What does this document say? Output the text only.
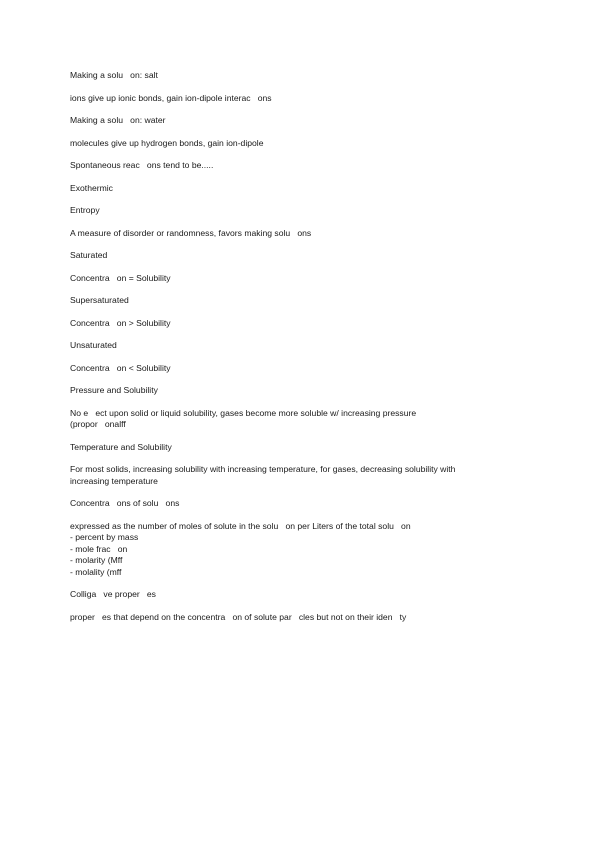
Making a solu   on: salt

ions give up ionic bonds, gain ion-dipole interac   ons

Making a solu   on: water

molecules give up hydrogen bonds, gain ion-dipole

Spontaneous reac   ons tend to be.....

Exothermic

Entropy

A measure of disorder or randomness, favors making solu   ons

Saturated

Concentra   on = Solubility

Supersaturated

Concentra   on > Solubility

Unsaturated

Concentra   on < Solubility

Pressure and Solubility

No e   ect upon solid or liquid solubility, gases become more soluble w/ increasing pressure

(propor   onalff

Temperature and Solubility

For most solids, increasing solubility with increasing temperature, for gases, decreasing solubility with

increasing temperature

Concentra   ons of solu   ons

expressed as the number of moles of solute in the solu   on per Liters of the total solu   on

- percent by mass
- mole frac   on
- molarity (Mff
- molality (mff

Colliga   ve proper   es

proper   es that depend on the concentra   on of solute par   cles but not on their iden   ty
